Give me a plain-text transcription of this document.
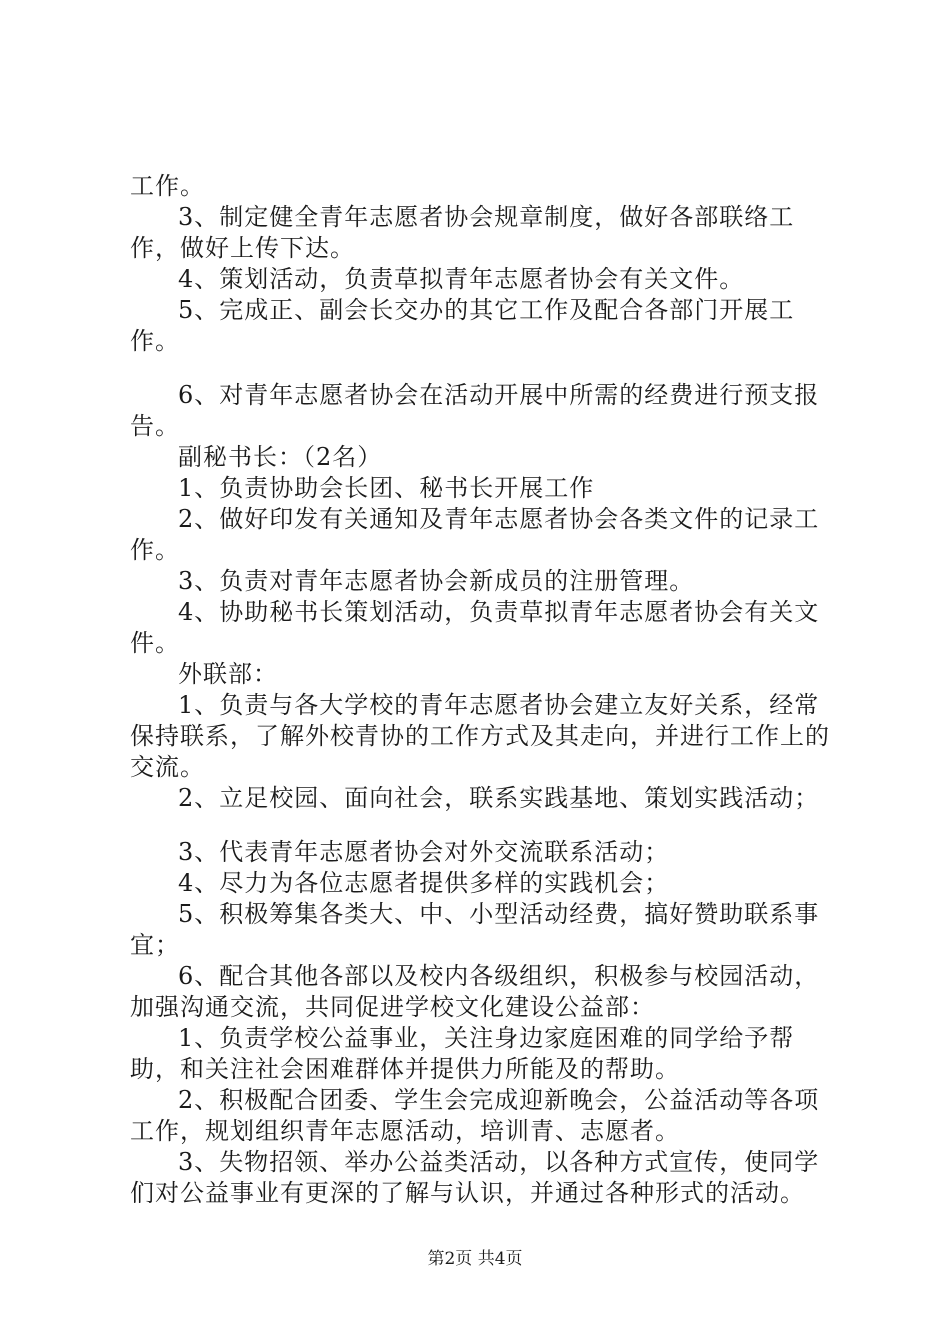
工作。

3、制定健全青年志愿者协会规章制度，做好各部联络工作，做好上传下达。

4、策划活动，负责草拟青年志愿者协会有关文件。

5、完成正、副会长交办的其它工作及配合各部门开展工作。

6、对青年志愿者协会在活动开展中所需的经费进行预支报告。

副秘书长：（2名）

1、负责协助会长团、秘书长开展工作

2、做好印发有关通知及青年志愿者协会各类文件的记录工作。

3、负责对青年志愿者协会新成员的注册管理。

4、协助秘书长策划活动，负责草拟青年志愿者协会有关文件。

外联部：

1、负责与各大学校的青年志愿者协会建立友好关系，经常保持联系，了解外校青协的工作方式及其走向，并进行工作上的交流。

2、立足校园、面向社会，联系实践基地、策划实践活动；

3、代表青年志愿者协会对外交流联系活动；

4、尽力为各位志愿者提供多样的实践机会；

5、积极筹集各类大、中、小型活动经费，搞好赞助联系事宜；

6、配合其他各部以及校内各级组织，积极参与校园活动，加强沟通交流，共同促进学校文化建设公益部：

1、负责学校公益事业，关注身边家庭困难的同学给予帮助，和关注社会困难群体并提供力所能及的帮助。

2、积极配合团委、学生会完成迎新晚会，公益活动等各项工作，规划组织青年志愿活动，培训青、志愿者。

3、失物招领、举办公益类活动，以各种方式宣传，使同学们对公益事业有更深的了解与认识，并通过各种形式的活动。

第2页 共4页
